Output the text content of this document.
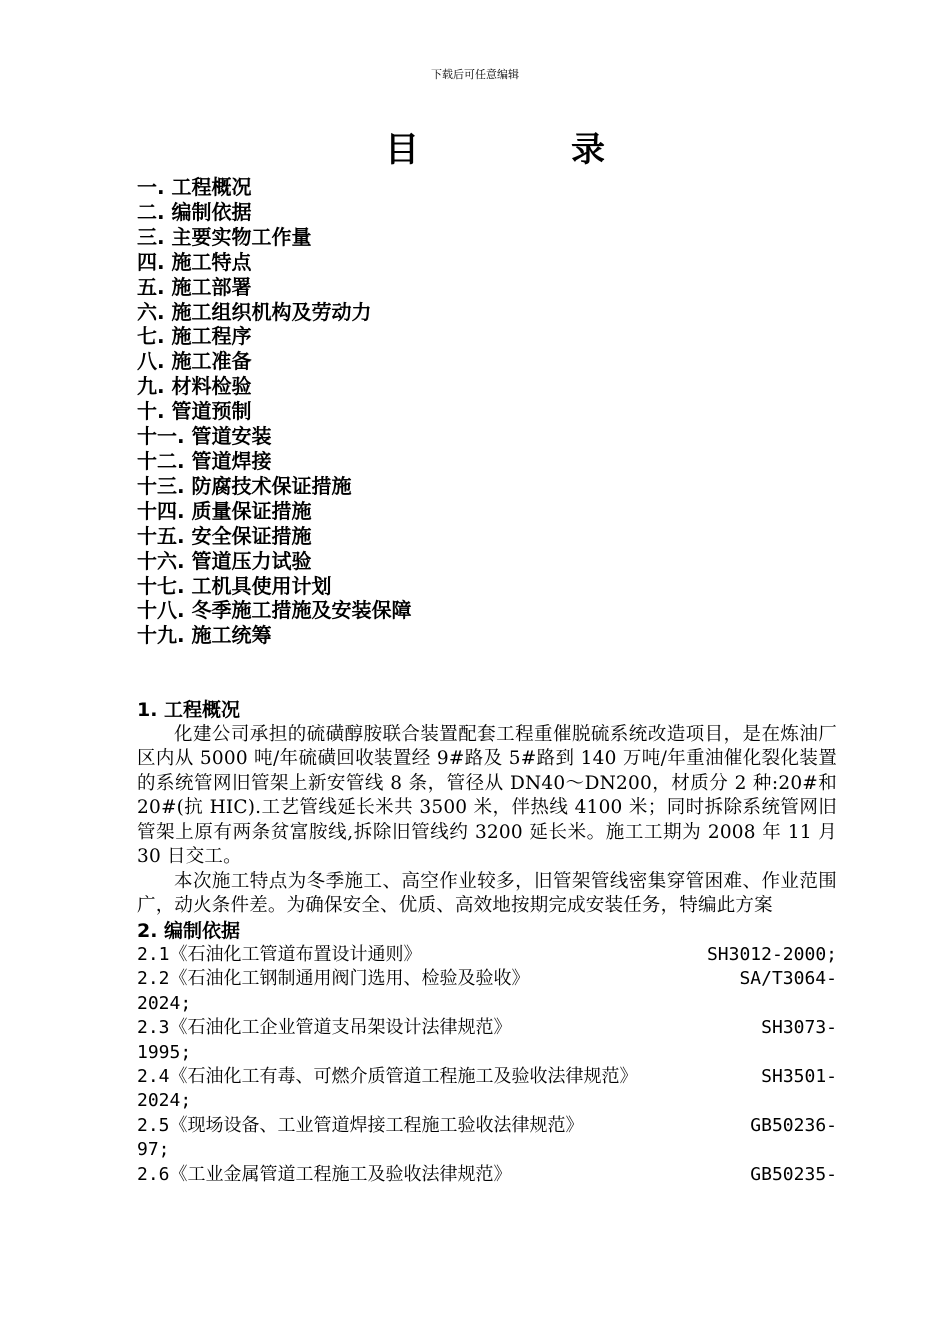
下载后可任意编辑
目	录
一. 工程概况
二. 编制依据
三. 主要实物工作量
四. 施工特点
五. 施工部署
六. 施工组织机构及劳动力
七. 施工程序
八. 施工准备
九. 材料检验
十. 管道预制
十一. 管道安装
十二. 管道焊接
十三. 防腐技术保证措施
十四. 质量保证措施
十五. 安全保证措施
十六. 管道压力试验
十七. 工机具使用计划
十八. 冬季施工措施及安装保障
十九. 施工统筹

1. 工程概况

化建公司承担的硫磺醇胺联合装置配套工程重催脱硫系统改造项目，是在炼油厂区内从 5000 吨/年硫磺回收装置经 9#路及 5#路到 140 万吨/年重油催化裂化装置的系统管网旧管架上新安管线 8 条，管径从 DN40～DN200，材质分 2 种:20#和 20#(抗 HIC).工艺管线延长米共 3500 米，伴热线 4100 米；同时拆除系统管网旧管架上原有两条贫富胺线,拆除旧管线约 3200 延长米。施工工期为 2008 年 11 月 30 日交工。

本次施工特点为冬季施工、高空作业较多，旧管架管线密集穿管困难、作业范围广，动火条件差。为确保安全、优质、高效地按期完成安装任务，特编此方案

2. 编制依据

2.1《石油化工管道布置设计通则》	SH3012-2000;
2.2《石油化工钢制通用阀门选用、检验及验收》	SA/T3064-
2024;
2.3《石油化工企业管道支吊架设计法律规范》	SH3073-
1995;
2.4《石油化工有毒、可燃介质管道工程施工及验收法律规范》	SH3501-
2024;
2.5《现场设备、工业管道焊接工程施工验收法律规范》	GB50236-
97;
2.6《工业金属管道工程施工及验收法律规范》	GB50235-
